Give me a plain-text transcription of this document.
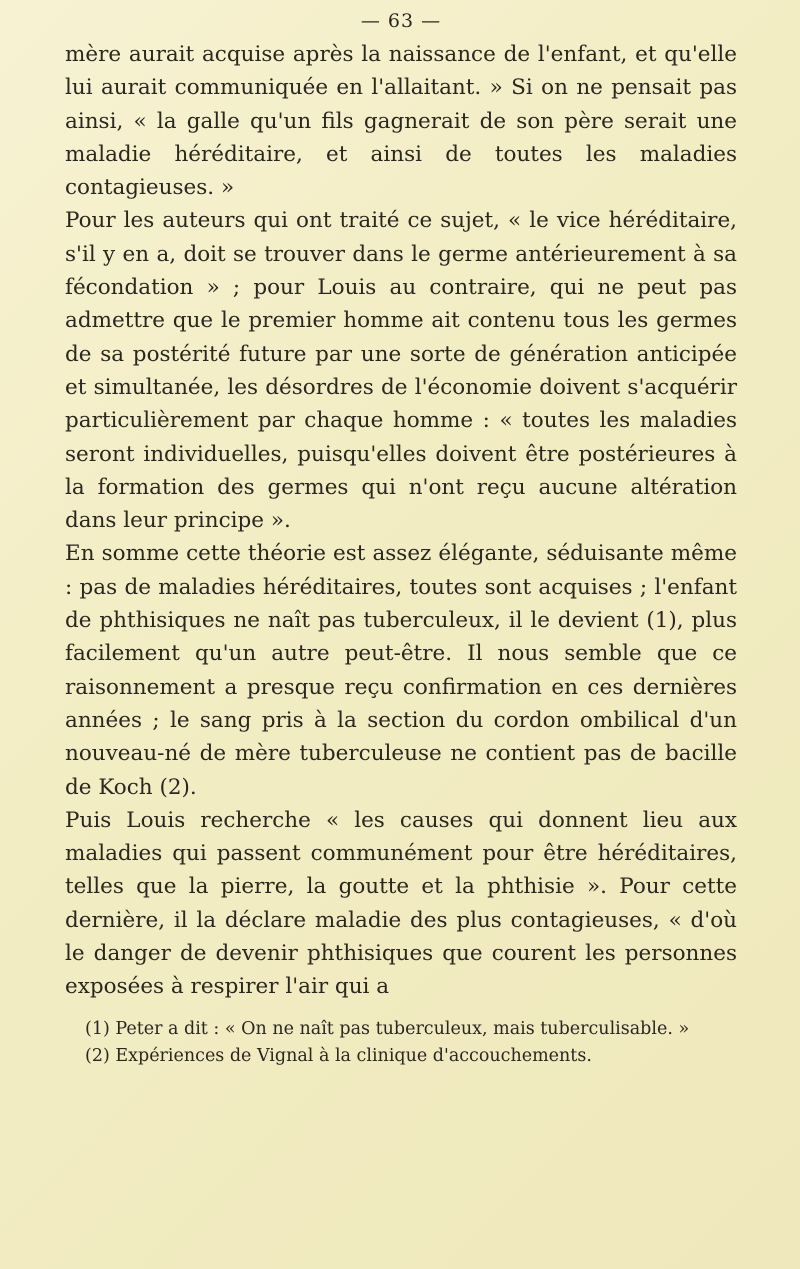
— 63 —

mère aurait acquise après la naissance de l'enfant, et qu'elle lui aurait communiquée en l'allaitant. » Si on ne pensait pas ainsi, « la galle qu'un fils gagnerait de son père serait une maladie héréditaire, et ainsi de toutes les maladies contagieuses. »

Pour les auteurs qui ont traité ce sujet, « le vice héréditaire, s'il y en a, doit se trouver dans le germe antérieurement à sa fécondation » ; pour Louis au contraire, qui ne peut pas admettre que le premier homme ait contenu tous les germes de sa postérité future par une sorte de génération anticipée et simultanée, les désordres de l'économie doivent s'acquérir particulièrement par chaque homme : « toutes les maladies seront individuelles, puisqu'elles doivent être postérieures à la formation des germes qui n'ont reçu aucune altération dans leur principe ».

En somme cette théorie est assez élégante, séduisante même : pas de maladies héréditaires, toutes sont acquises ; l'enfant de phthisiques ne naît pas tuberculeux, il le devient (1), plus facilement qu'un autre peut-être. Il nous semble que ce raisonnement a presque reçu confirmation en ces dernières années ; le sang pris à la section du cordon ombilical d'un nouveau-né de mère tuberculeuse ne contient pas de bacille de Koch (2).

Puis Louis recherche « les causes qui donnent lieu aux maladies qui passent communément pour être héréditaires, telles que la pierre, la goutte et la phthisie ». Pour cette dernière, il la déclare maladie des plus contagieuses, « d'où le danger de devenir phthisiques que courent les personnes exposées à respirer l'air qui a

(1) Peter a dit : « On ne naît pas tuberculeux, mais tuberculisable. »

(2) Expériences de Vignal à la clinique d'accouchements.
